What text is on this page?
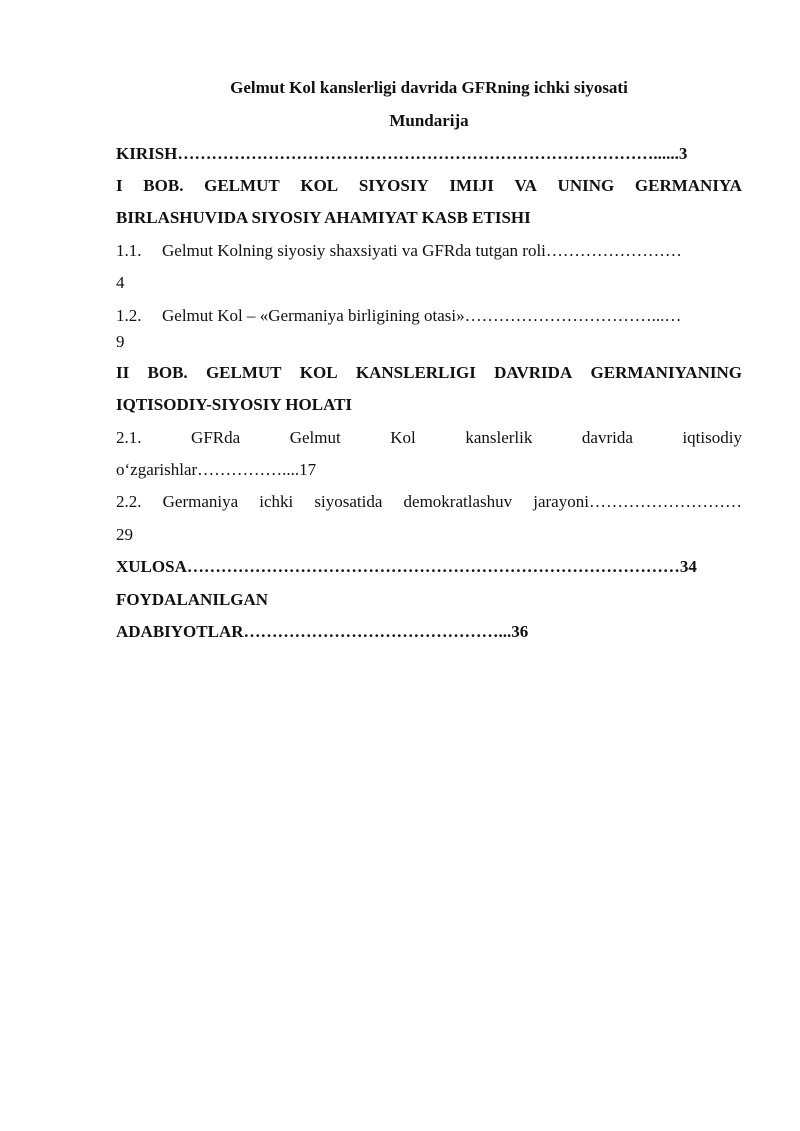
Gelmut Kol kanslerligi davrida GFRning ichki siyosati
Mundarija
KIRISH…………………………………………………………………………......3
I BOB. GELMUT KOL SIYOSIY IMIJI VA UNING GERMANIYA
BIRLASHUVIDA SIYOSIY AHAMIYAT KASB ETISHI
1.1. Gelmut Kolning siyosiy shaxsiyati va GFRda tutgan roli……………………
4
1.2. Gelmut Kol – «Germaniya birligining otasi»……………………………...…
9
II BOB. GELMUT KOL KANSLERLIGI DAVRIDA GERMANIYANING
IQTISODIY-SIYOSIY HOLATI
2.1.	GFRda	Gelmut	Kol	kanslerlik	davrida	iqtisodiy
o‘zgarishlar……………....17
2.2. Germaniya ichki siyosatida demokratlashuv jarayoni………………………
29
XULOSA……………………………………………………………………………34
FOYDALANILGAN
ADABIYOTLAR………………………………………...36
